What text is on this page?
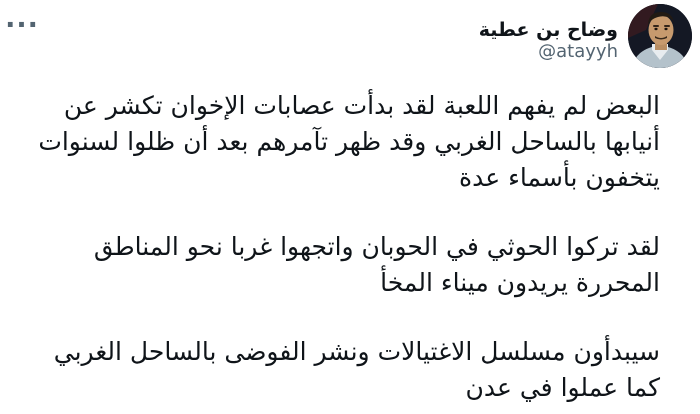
وضاح بن عطية
@atayyh
···

البعض لم يفهم اللعبة لقد بدأت عصابات الإخوان تكشر عن أنيابها بالساحل الغربي وقد ظهر تآمرهم بعد أن ظلوا لسنوات يتخفون بأسماء عدة

لقد تركوا الحوثي في الحوبان واتجهوا غربا نحو المناطق المحررة يريدون ميناء المخأ

سيبدأون مسلسل الاغتيالات ونشر الفوضى بالساحل الغربي كما عملوا في عدن
